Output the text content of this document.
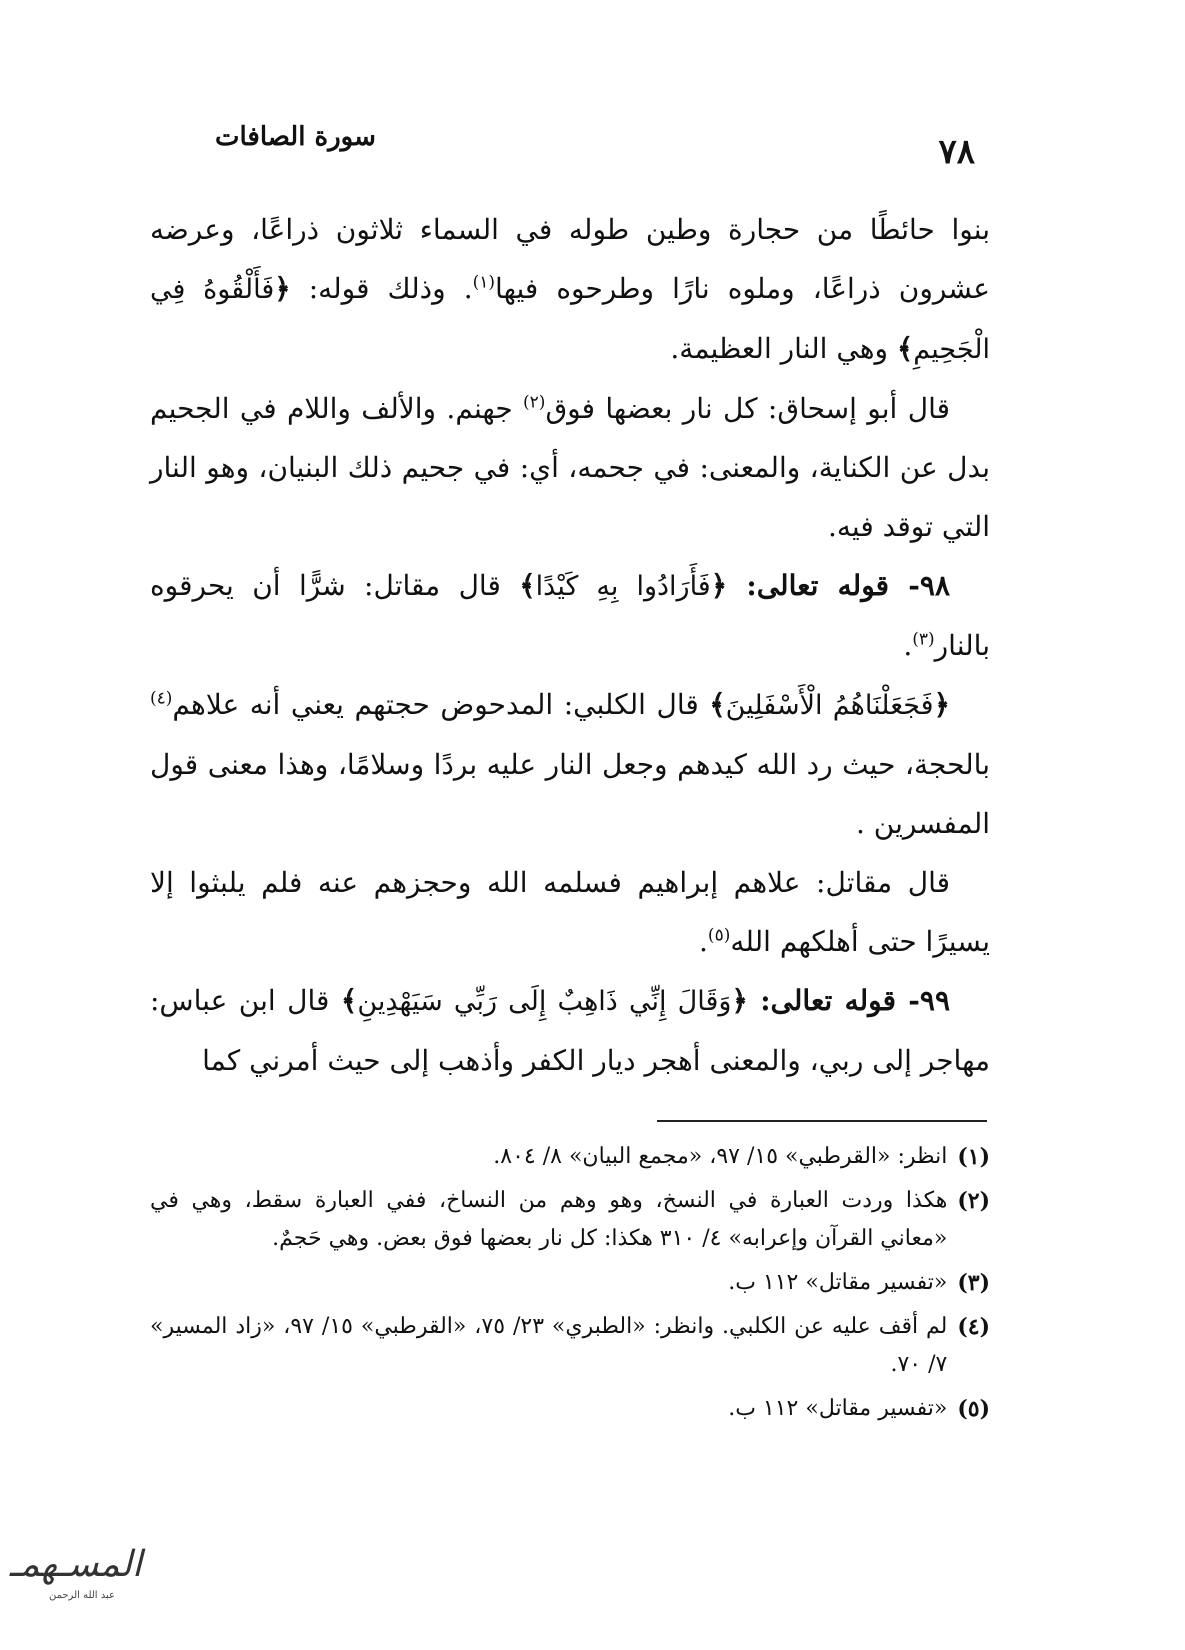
٧٨
سورة الصافات

بنوا حائطًا من حجارة وطين طوله في السماء ثلاثون ذراعًا، وعرضه عشرون ذراعًا، وملوه نارًا وطرحوه فيها$^{(١)}$. وذلك قوله: ﴿فَأَلْقُوهُ فِي الْجَحِيمِ﴾ وهي النار العظيمة.

قال أبو إسحاق: كل نار بعضها فوق$^{(٢)}$ جهنم. والألف واللام في الجحيم بدل عن الكناية، والمعنى: في جحمه، أي: في جحيم ذلك البنيان، وهو النار التي توقد فيه.

٩٨- قوله تعالى: ﴿فَأَرَادُوا بِهِ كَيْدًا﴾ قال مقاتل: شرًّا أن يحرقوه بالنار$^{(٣)}$.

﴿فَجَعَلْنَاهُمُ الْأَسْفَلِينَ﴾ قال الكلبي: المدحوض حجتهم يعني أنه علاهم$^{(٤)}$ بالحجة، حيث رد الله كيدهم وجعل النار عليه بردًا وسلامًا، وهذا معنى قول المفسرين .

قال مقاتل: علاهم إبراهيم فسلمه الله وحجزهم عنه فلم يلبثوا إلا يسيرًا حتى أهلكهم الله$^{(٥)}$.

٩٩- قوله تعالى: ﴿وَقَالَ إِنِّي ذَاهِبٌ إِلَى رَبِّي سَيَهْدِينِ﴾ قال ابن عباس: مهاجر إلى ربي، والمعنى أهجر ديار الكفر وأذهب إلى حيث أمرني كما

(١)
انظر: «القرطبي» ١٥/ ٩٧، «مجمع البيان» ٨/ ٨٠٤.

(٢)
هكذا وردت العبارة في النسخ، وهو وهم من النساخ، ففي العبارة سقط، وهي في «معاني القرآن وإعرابه» ٤/ ٣١٠ هكذا: كل نار بعضها فوق بعض. وهي حَجمٌ.

(٣)
«تفسير مقاتل» ١١٢ ب.

(٤)
لم أقف عليه عن الكلبي. وانظر: «الطبري» ٢٣/ ٧٥، «القرطبي» ١٥/ ٩٧، «زاد المسير» ٧/ ٧٠.

(٥)
«تفسير مقاتل» ١١٢ ب.

المسـهمـ
عبد الله الرحمن
